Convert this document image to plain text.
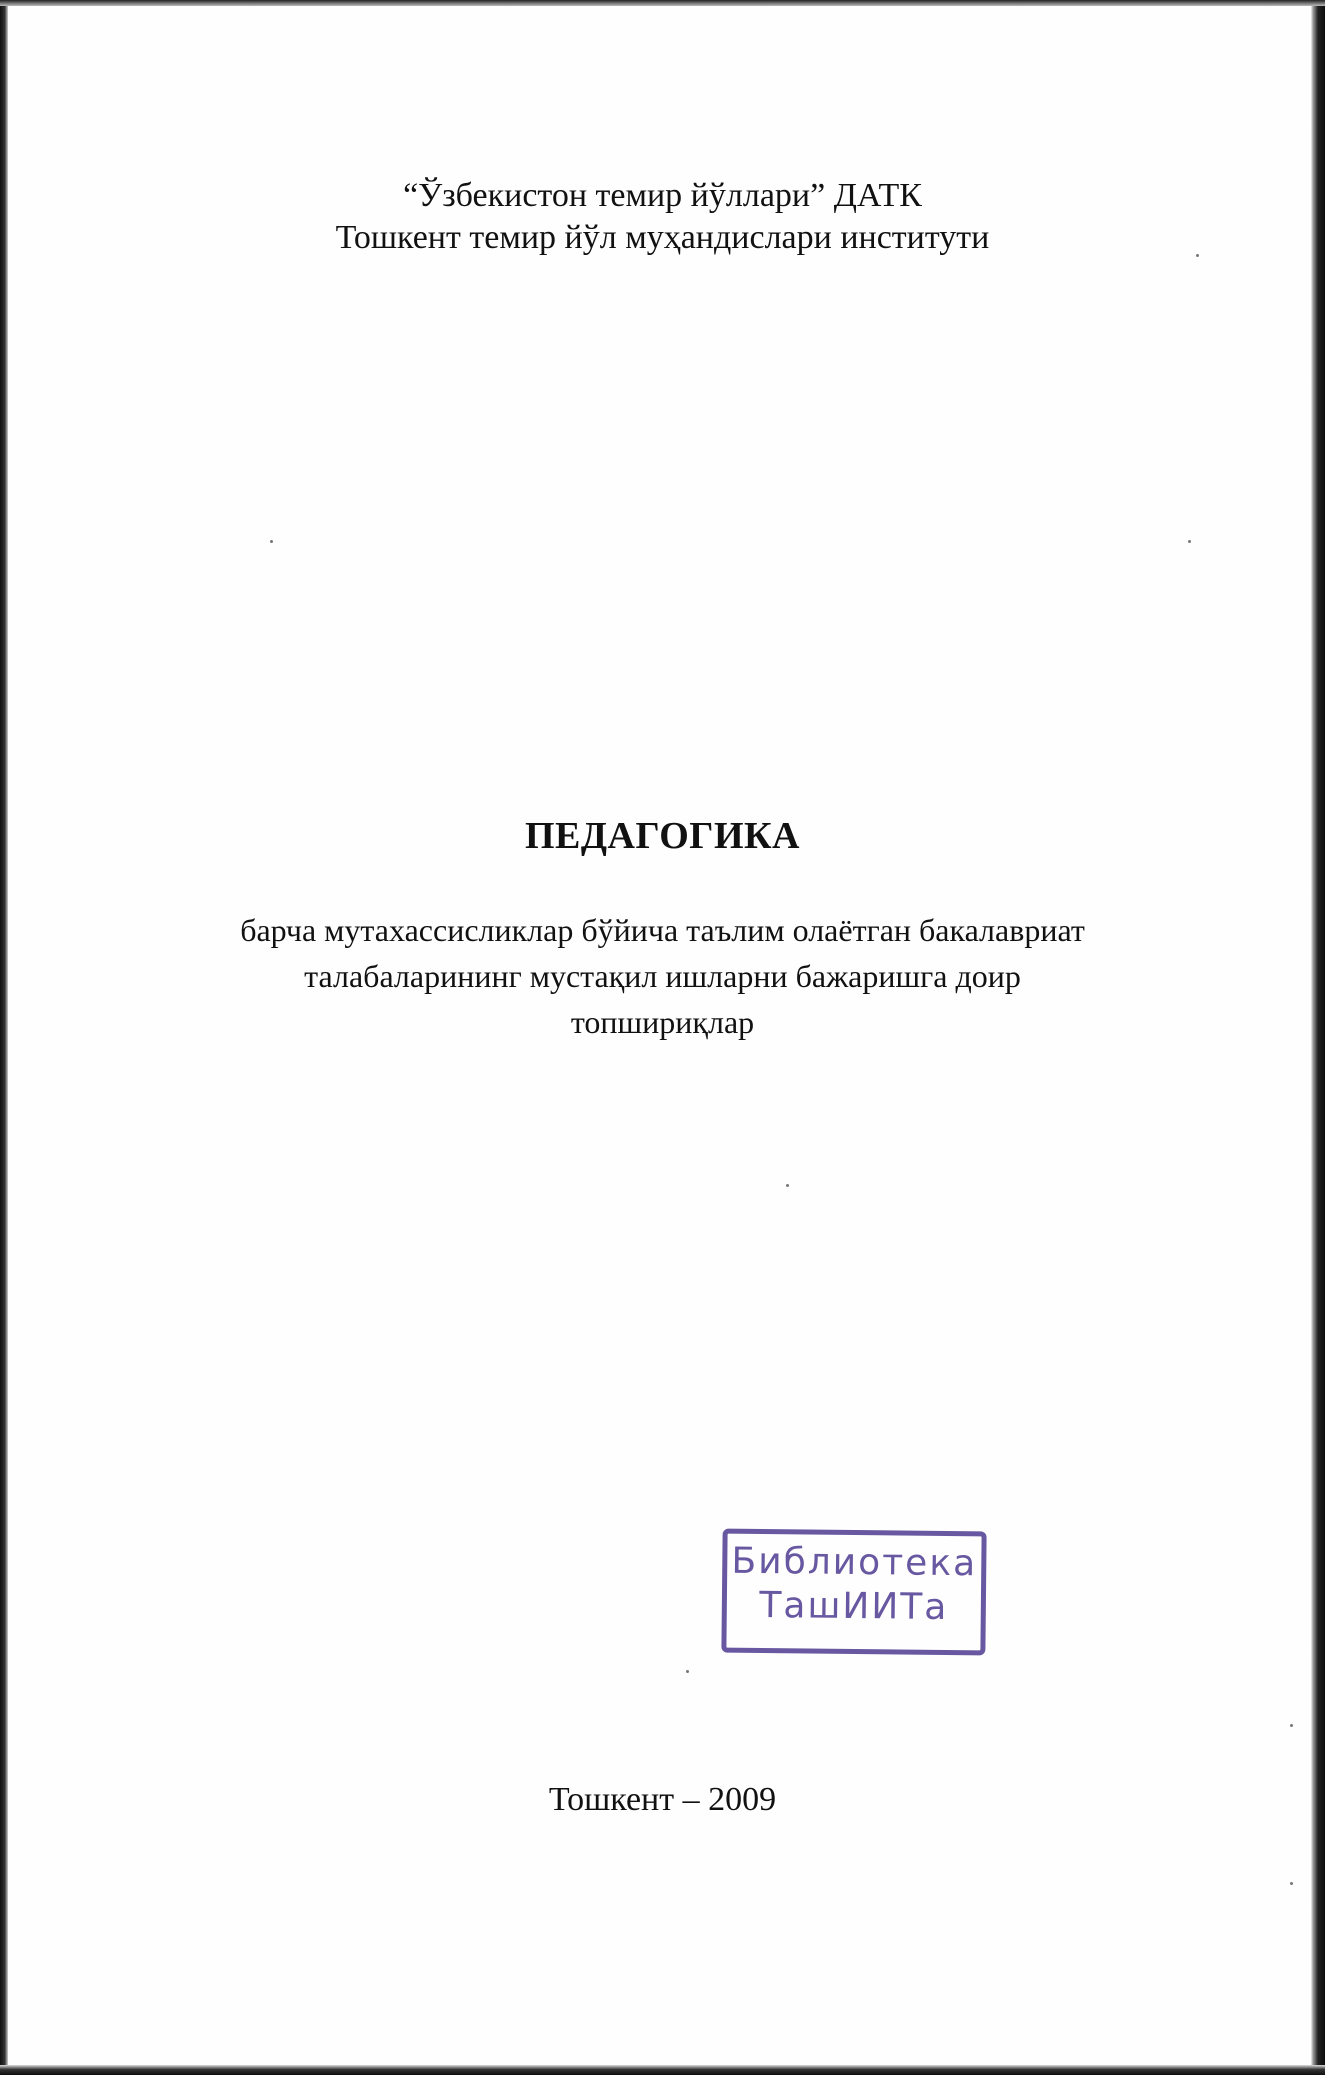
“Ўзбекистон темир йўллари” ДАТК
Тошкент темир йўл муҳандислари институти
ПЕДАГОГИКА
барча мутахассисликлар бўйича таълим олаётган бакалавриат
талабаларининг мустақил ишларни бажаришга доир
топшириқлар
Библиотека
ТашИИТа
Тошкент – 2009
